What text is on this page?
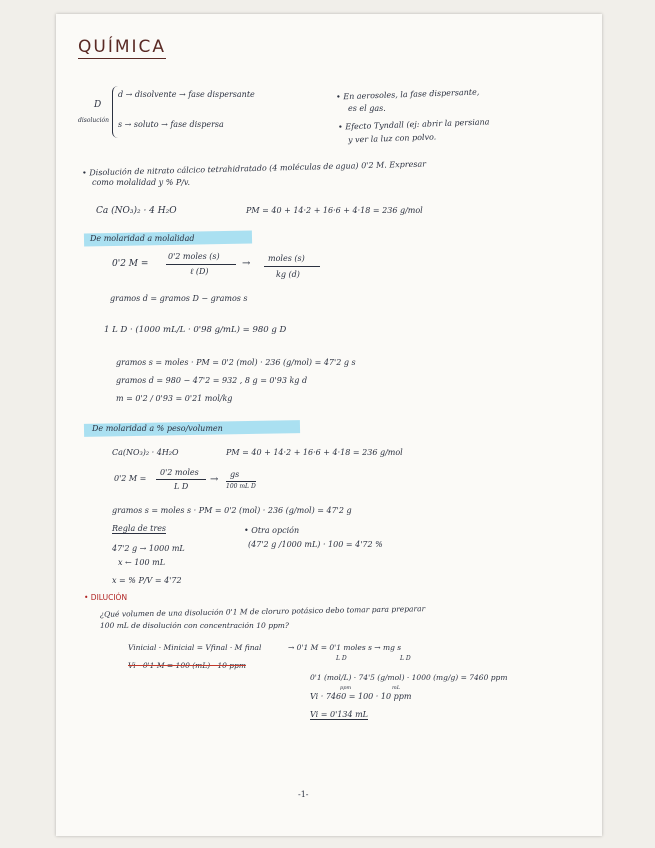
QUÍMICA
D
disolución
d → disolvente → fase dispersante
s → soluto → fase dispersa
• En aerosoles, la fase dispersante,
es el gas.
• Efecto Tyndall (ej: abrir la persiana
y ver la luz con polvo.
• Disolución de nitrato cálcico tetrahidratado (4 moléculas de agua) 0'2 M. Expresar
como molalidad y % P/v.
Ca (NO₃)₂ · 4 H₂O	PM = 40 + 14·2 + 16·6 + 4·18 = 236 g/mol
De molaridad a molalidad
0'2 M =
0'2 moles (s)
ℓ (D)
→ moles (s)
kg (d)
gramos d = gramos D − gramos s
1 L D · (1000 mL/L · 0'98 g/mL) = 980 g D
gramos s = moles · PM = 0'2 (mol) · 236 (g/mol) = 47'2 g s
gramos d = 980 − 47'2 = 932 , 8 g = 0'93 kg d
m = 0'2 / 0'93 = 0'21 mol/kg
De molaridad a % peso/volumen
Ca(NO₃)₂ · 4H₂O	PM = 40 + 14·2 + 16·6 + 4·18 = 236 g/mol
0'2 M =
0'2 moles
L D
→ gs
100 mL D
gramos s = moles s · PM = 0'2 (mol) · 236 (g/mol) = 47'2 g
Regla de tres	• Otra opción
(47'2 g /1000 mL) · 100 = 4'72 %
47'2 g → 1000 mL
x ← 100 mL
x = % P/V = 4'72
• DILUCIÓN
¿Qué volumen de una disolución 0'1 M de cloruro potásico debo tomar para preparar
100 mL de disolución con concentración 10 ppm?
Vinicial · Minicial = Vfinal · M final	→ 0'1 M = 0'1 moles s → mg s
L D	L D
Vi · 0'1 M = 100 (mL) · 10 ppm
0'1 (mol/L) · 74'5 (g/mol) · 1000 (mg/g) = 7460 ppm
ppm	mL
Vi · 7460 = 100 · 10 ppm
Vi = 0'134 mL
-1-
